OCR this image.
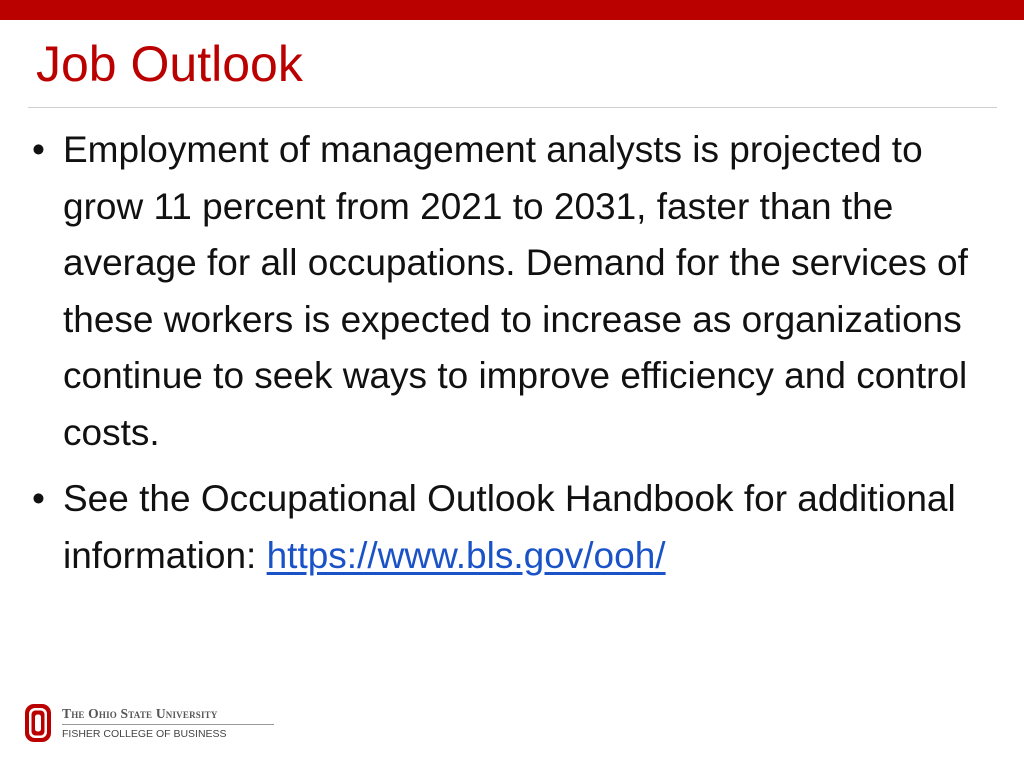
Job Outlook
• Employment of management analysts is projected to grow 11 percent from 2021 to 2031, faster than the average for all occupations. Demand for the services of these workers is expected to increase as organizations continue to seek ways to improve efficiency and control costs.
• See the Occupational Outlook Handbook for additional information: https://www.bls.gov/ooh/
The Ohio State University
FISHER COLLEGE OF BUSINESS
